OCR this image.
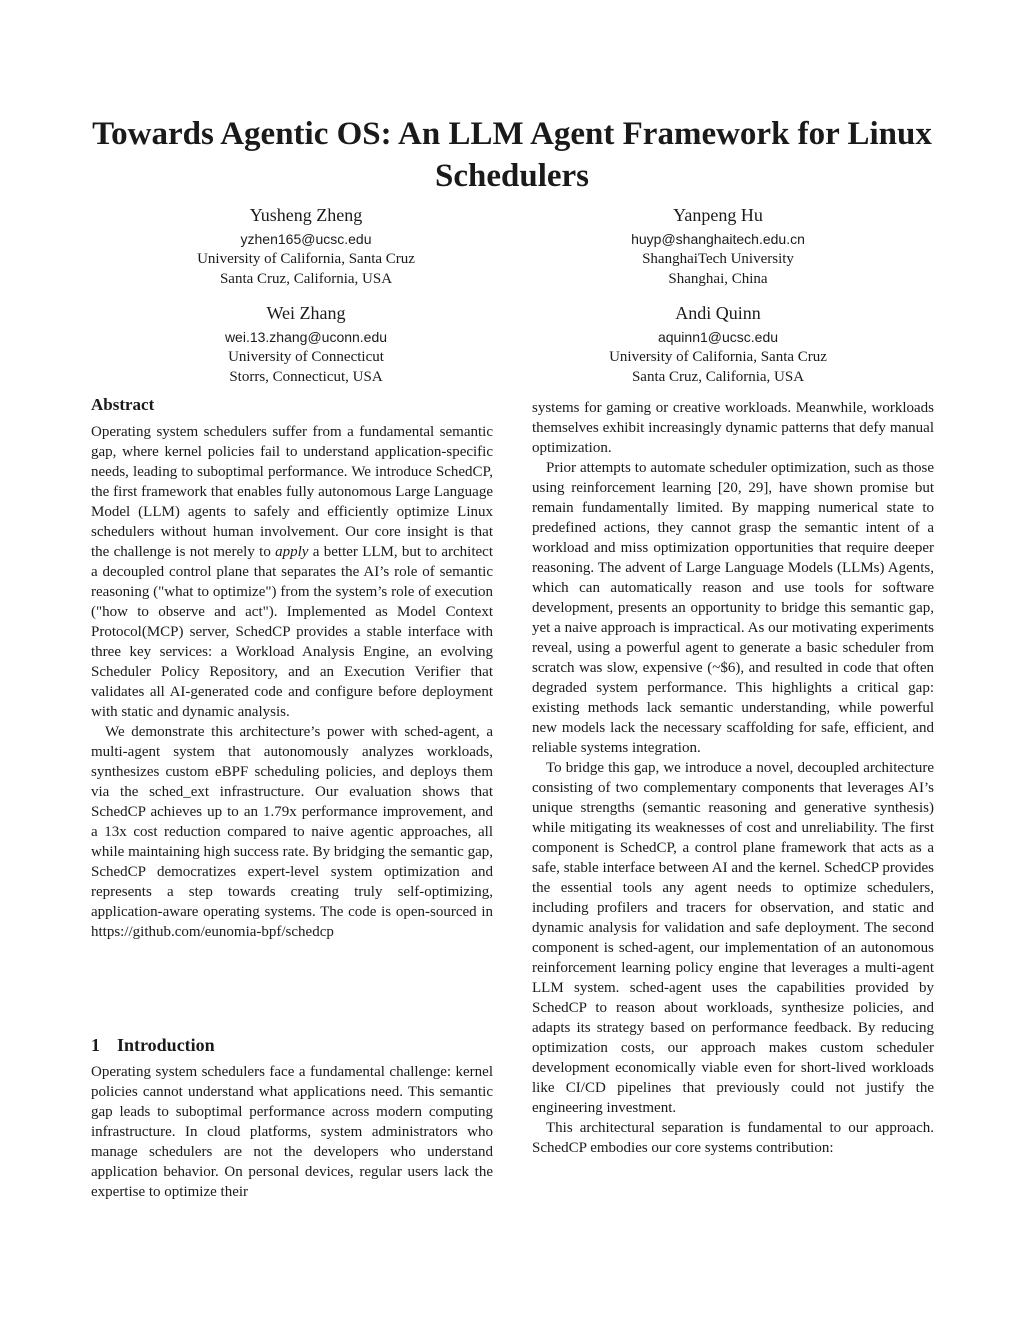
Towards Agentic OS: An LLM Agent Framework for Linux Schedulers
Yusheng Zheng
yzhen165@ucsc.edu
University of California, Santa Cruz
Santa Cruz, California, USA
Yanpeng Hu
huyp@shanghaitech.edu.cn
ShanghaiTech University
Shanghai, China
Wei Zhang
wei.13.zhang@uconn.edu
University of Connecticut
Storrs, Connecticut, USA
Andi Quinn
aquinn1@ucsc.edu
University of California, Santa Cruz
Santa Cruz, California, USA
Abstract

Operating system schedulers suffer from a fundamental semantic gap, where kernel policies fail to understand application-specific needs, leading to suboptimal performance. We introduce SchedCP, the first framework that enables fully autonomous Large Language Model (LLM) agents to safely and efficiently optimize Linux schedulers without human involvement. Our core insight is that the challenge is not merely to apply a better LLM, but to architect a decoupled control plane that separates the AI’s role of semantic reasoning ("what to optimize") from the system’s role of execution ("how to observe and act"). Implemented as Model Context Protocol(MCP) server, SchedCP provides a stable interface with three key services: a Workload Analysis Engine, an evolving Scheduler Policy Repository, and an Execution Verifier that validates all AI-generated code and configure before deployment with static and dynamic analysis.

We demonstrate this architecture’s power with sched-agent, a multi-agent system that autonomously analyzes workloads, synthesizes custom eBPF scheduling policies, and deploys them via the sched_ext infrastructure. Our evaluation shows that SchedCP achieves up to an 1.79x performance improvement, and a 13x cost reduction compared to naive agentic approaches, all while maintaining high success rate. By bridging the semantic gap, SchedCP democratizes expert-level system optimization and represents a step towards creating truly self-optimizing, application-aware operating systems. The code is open-sourced in https://github.com/eunomia-bpf/schedcp

1 Introduction

Operating system schedulers face a fundamental challenge: kernel policies cannot understand what applications need. This semantic gap leads to suboptimal performance across modern computing infrastructure. In cloud platforms, system administrators who manage schedulers are not the developers who understand application behavior. On personal devices, regular users lack the expertise to optimize their

systems for gaming or creative workloads. Meanwhile, workloads themselves exhibit increasingly dynamic patterns that defy manual optimization.

Prior attempts to automate scheduler optimization, such as those using reinforcement learning [20, 29], have shown promise but remain fundamentally limited. By mapping numerical state to predefined actions, they cannot grasp the semantic intent of a workload and miss optimization opportunities that require deeper reasoning. The advent of Large Language Models (LLMs) Agents, which can automatically reason and use tools for software development, presents an opportunity to bridge this semantic gap, yet a naive approach is impractical. As our motivating experiments reveal, using a powerful agent to generate a basic scheduler from scratch was slow, expensive (~$6), and resulted in code that often degraded system performance. This highlights a critical gap: existing methods lack semantic understanding, while powerful new models lack the necessary scaffolding for safe, efficient, and reliable systems integration.

To bridge this gap, we introduce a novel, decoupled architecture consisting of two complementary components that leverages AI’s unique strengths (semantic reasoning and generative synthesis) while mitigating its weaknesses of cost and unreliability. The first component is SchedCP, a control plane framework that acts as a safe, stable interface between AI and the kernel. SchedCP provides the essential tools any agent needs to optimize schedulers, including profilers and tracers for observation, and static and dynamic analysis for validation and safe deployment. The second component is sched-agent, our implementation of an autonomous reinforcement learning policy engine that leverages a multi-agent LLM system. sched-agent uses the capabilities provided by SchedCP to reason about workloads, synthesize policies, and adapts its strategy based on performance feedback. By reducing optimization costs, our approach makes custom scheduler development economically viable even for short-lived workloads like CI/CD pipelines that previously could not justify the engineering investment.

This architectural separation is fundamental to our approach. SchedCP embodies our core systems contribution:
